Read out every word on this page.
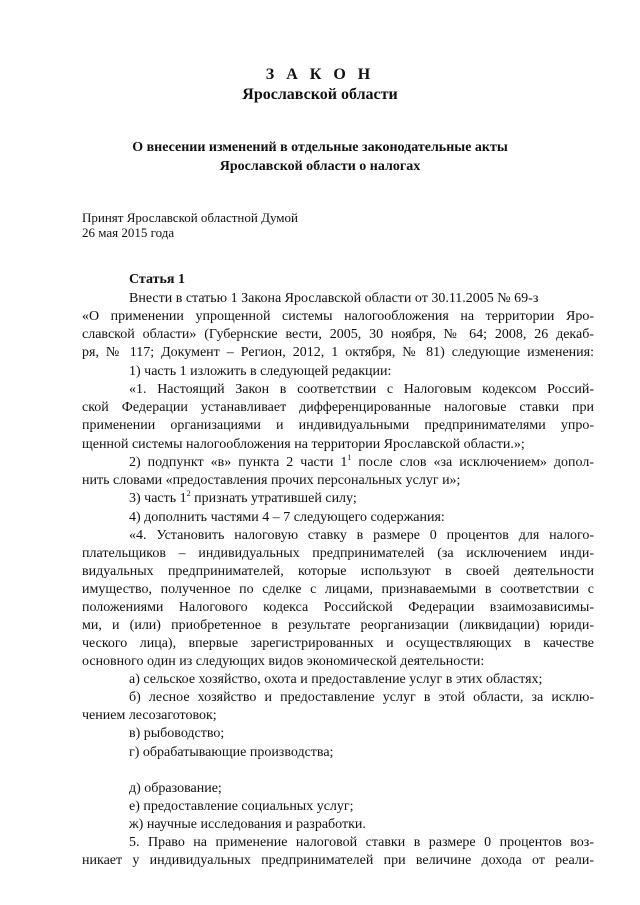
З А К О Н
Ярославской области
О внесении изменений в отдельные законодательные акты
Ярославской области о налогах
Принят Ярославской областной Думой
26 мая 2015 года
Статья 1
Внести в статью 1 Закона Ярославской области от 30.11.2005 № 69-з
«О применении упрощенной системы налогообложения на территории Яро-
славской области» (Губернские вести, 2005, 30 ноября, № 64; 2008, 26 декаб-
ря, № 117; Документ – Регион, 2012, 1 октября, № 81) следующие изменения:
1) часть 1 изложить в следующей редакции:
«1. Настоящий Закон в соответствии с Налоговым кодексом Россий-
ской Федерации устанавливает дифференцированные налоговые ставки при
применении организациями и индивидуальными предпринимателями упро-
щенной системы налогообложения на территории Ярославской области.»;
2) подпункт «в» пункта 2 части $1^1$ после слов «за исключением» допол-
нить словами «предоставления прочих персональных услуг и»;
3) часть $1^2$ признать утратившей силу;
4) дополнить частями 4 – 7 следующего содержания:
«4. Установить налоговую ставку в размере 0 процентов для налого-
плательщиков – индивидуальных предпринимателей (за исключением инди-
видуальных предпринимателей, которые используют в своей деятельности
имущество, полученное по сделке с лицами, признаваемыми в соответствии с
положениями Налогового кодекса Российской Федерации взаимозависимы-
ми, и (или) приобретенное в результате реорганизации (ликвидации) юриди-
ческого лица), впервые зарегистрированных и осуществляющих в качестве
основного один из следующих видов экономической деятельности:
а) сельское хозяйство, охота и предоставление услуг в этих областях;
б) лесное хозяйство и предоставление услуг в этой области, за исклю-
чением лесозаготовок;
в) рыбоводство;
г) обрабатывающие производства;
д) образование;
е) предоставление социальных услуг;
ж) научные исследования и разработки.
5. Право на применение налоговой ставки в размере 0 процентов воз-
никает у индивидуальных предпринимателей при величине дохода от реали-
